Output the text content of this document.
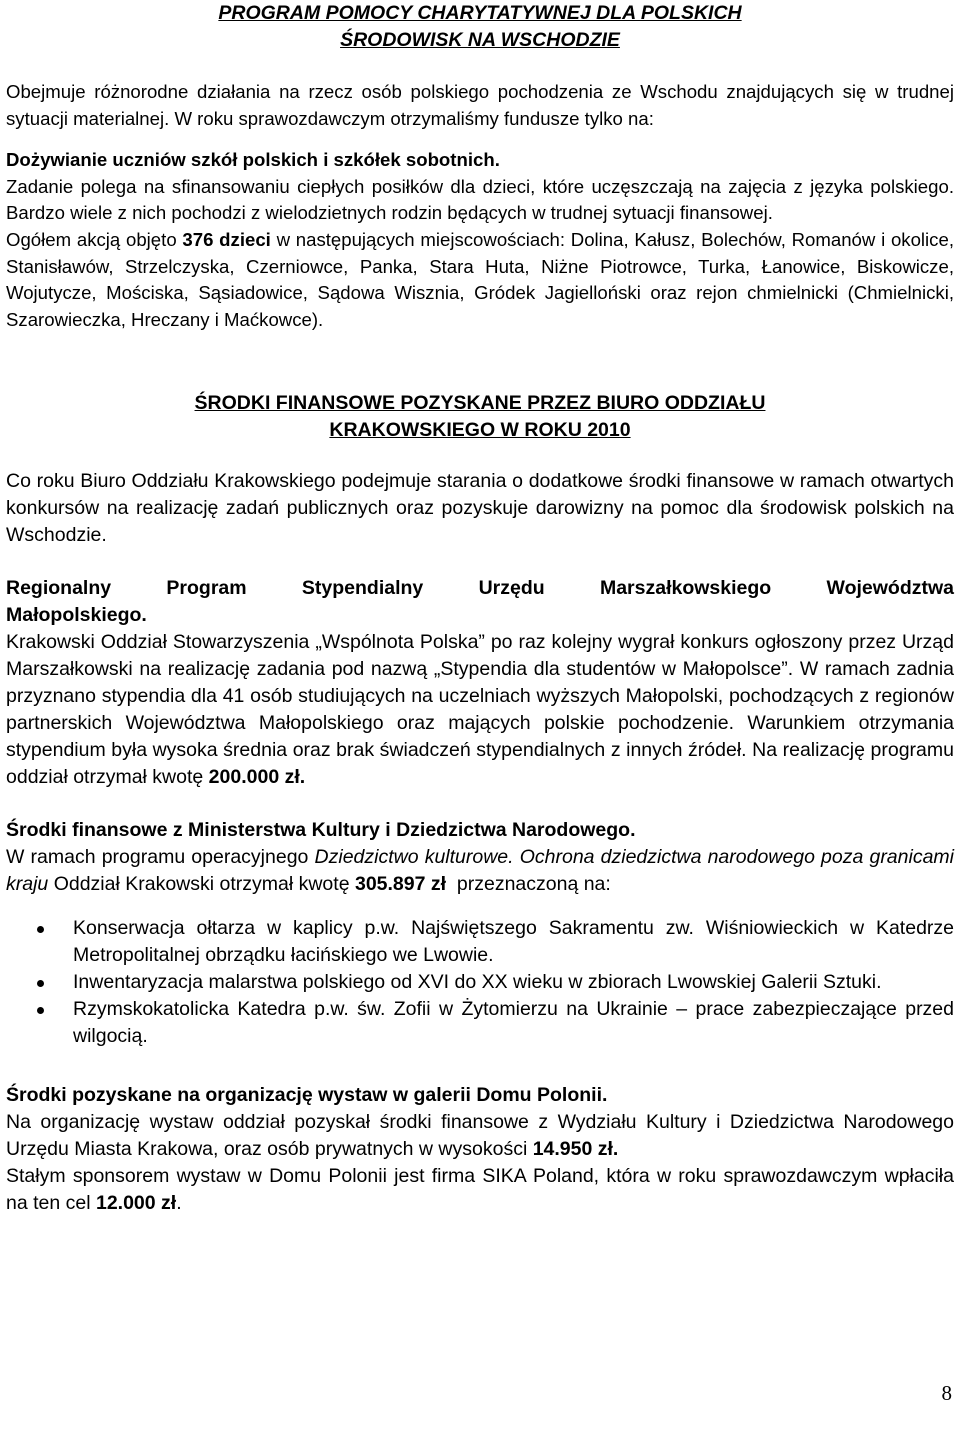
PROGRAM POMOCY CHARYTATYWNEJ DLA POLSKICH
ŚRODOWISK NA WSCHODZIE

Obejmuje różnorodne działania na rzecz osób polskiego pochodzenia ze Wschodu znajdujących się w trudnej sytuacji materialnej. W roku sprawozdawczym otrzymaliśmy fundusze tylko na:

Dożywianie uczniów szkół polskich i szkółek sobotnich.

Zadanie polega na sfinansowaniu ciepłych posiłków dla dzieci, które uczęszczają na zajęcia z języka polskiego. Bardzo wiele z nich pochodzi z wielodzietnych rodzin będących w trudnej sytuacji finansowej.

Ogółem akcją objęto 376 dzieci w następujących miejscowościach: Dolina, Kałusz, Bolechów, Romanów i okolice, Stanisławów, Strzelczyska, Czerniowce, Panka, Stara Huta, Niżne Piotrowce, Turka, Łanowice, Biskowicze, Wojutycze, Mościska, Sąsiadowice, Sądowa Wisznia, Gródek Jagielloński oraz rejon chmielnicki (Chmielnicki, Szarowieczka, Hreczany i Maćkowce).

ŚRODKI FINANSOWE POZYSKANE PRZEZ BIURO ODDZIAŁU
KRAKOWSKIEGO W ROKU 2010

Co roku Biuro Oddziału Krakowskiego podejmuje starania o dodatkowe środki finansowe w ramach otwartych konkursów na realizację zadań publicznych oraz pozyskuje darowizny na pomoc dla środowisk polskich na Wschodzie.

Regionalny Program Stypendialny Urzędu Marszałkowskiego Województwa

Małopolskiego.

Krakowski Oddział Stowarzyszenia „Wspólnota Polska” po raz kolejny wygrał konkurs ogłoszony przez Urząd Marszałkowski na realizację zadania pod nazwą „Stypendia dla studentów w Małopolsce”. W ramach zadnia przyznano stypendia dla 41 osób studiujących na uczelniach wyższych Małopolski, pochodzących z regionów partnerskich Województwa Małopolskiego oraz mających polskie pochodzenie. Warunkiem otrzymania stypendium była wysoka średnia oraz brak świadczeń stypendialnych z innych źródeł. Na realizację programu oddział otrzymał kwotę 200.000 zł.

Środki finansowe z Ministerstwa Kultury i Dziedzictwa Narodowego.

W ramach programu operacyjnego Dziedzictwo kulturowe. Ochrona dziedzictwa narodowego poza granicami kraju Oddział Krakowski otrzymał kwotę 305.897 zł  przeznaczoną na:

Konserwacja ołtarza w kaplicy p.w. Najświętszego Sakramentu zw. Wiśniowieckich w Katedrze Metropolitalnej obrządku łacińskiego we Lwowie.
Inwentaryzacja malarstwa polskiego od XVI do XX wieku w zbiorach Lwowskiej Galerii Sztuki.
Rzymskokatolicka Katedra p.w. św. Zofii w Żytomierzu na Ukrainie – prace zabezpieczające przed wilgocią.

Środki pozyskane na organizację wystaw w galerii Domu Polonii.

Na organizację wystaw oddział pozyskał środki finansowe z Wydziału Kultury i Dziedzictwa Narodowego Urzędu Miasta Krakowa, oraz osób prywatnych w wysokości 14.950 zł.

Stałym sponsorem wystaw w Domu Polonii jest firma SIKA Poland, która w roku sprawozdawczym wpłaciła na ten cel 12.000 zł.

8
